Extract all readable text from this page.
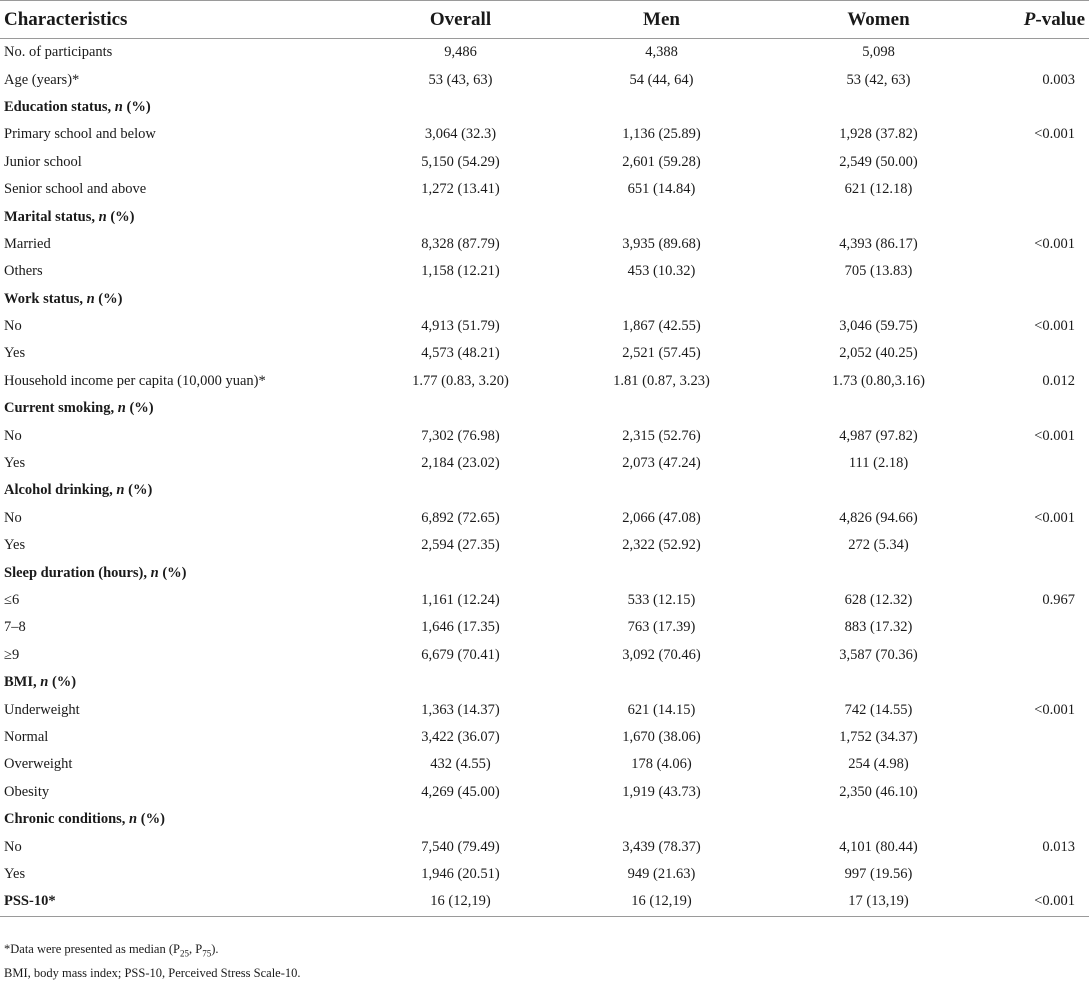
Characteristics	Overall	Men	Women	P-value
No. of participants	9,486	4,388	5,098	
Age (years)*	53 (43, 63)	54 (44, 64)	53 (42, 63)	0.003
Education status, n (%)				
Primary school and below	3,064 (32.3)	1,136 (25.89)	1,928 (37.82)	<0.001
Junior school	5,150 (54.29)	2,601 (59.28)	2,549 (50.00)	
Senior school and above	1,272 (13.41)	651 (14.84)	621 (12.18)	
Marital status, n (%)				
Married	8,328 (87.79)	3,935 (89.68)	4,393 (86.17)	<0.001
Others	1,158 (12.21)	453 (10.32)	705 (13.83)	
Work status, n (%)				
No	4,913 (51.79)	1,867 (42.55)	3,046 (59.75)	<0.001
Yes	4,573 (48.21)	2,521 (57.45)	2,052 (40.25)	
Household income per capita (10,000 yuan)*	1.77 (0.83, 3.20)	1.81 (0.87, 3.23)	1.73 (0.80,3.16)	0.012
Current smoking, n (%)				
No	7,302 (76.98)	2,315 (52.76)	4,987 (97.82)	<0.001
Yes	2,184 (23.02)	2,073 (47.24)	111 (2.18)	
Alcohol drinking, n (%)				
No	6,892 (72.65)	2,066 (47.08)	4,826 (94.66)	<0.001
Yes	2,594 (27.35)	2,322 (52.92)	272 (5.34)	
Sleep duration (hours), n (%)				
≤6	1,161 (12.24)	533 (12.15)	628 (12.32)	0.967
7–8	1,646 (17.35)	763 (17.39)	883 (17.32)	
≥9	6,679 (70.41)	3,092 (70.46)	3,587 (70.36)	
BMI, n (%)				
Underweight	1,363 (14.37)	621 (14.15)	742 (14.55)	<0.001
Normal	3,422 (36.07)	1,670 (38.06)	1,752 (34.37)	
Overweight	432 (4.55)	178 (4.06)	254 (4.98)	
Obesity	4,269 (45.00)	1,919 (43.73)	2,350 (46.10)	
Chronic conditions, n (%)				
No	7,540 (79.49)	3,439 (78.37)	4,101 (80.44)	0.013
Yes	1,946 (20.51)	949 (21.63)	997 (19.56)	
PSS-10*	16 (12,19)	16 (12,19)	17 (13,19)	<0.001
*Data were presented as median ($P_{25}$, $P_{75}$).
BMI, body mass index; PSS-10, Perceived Stress Scale-10.
